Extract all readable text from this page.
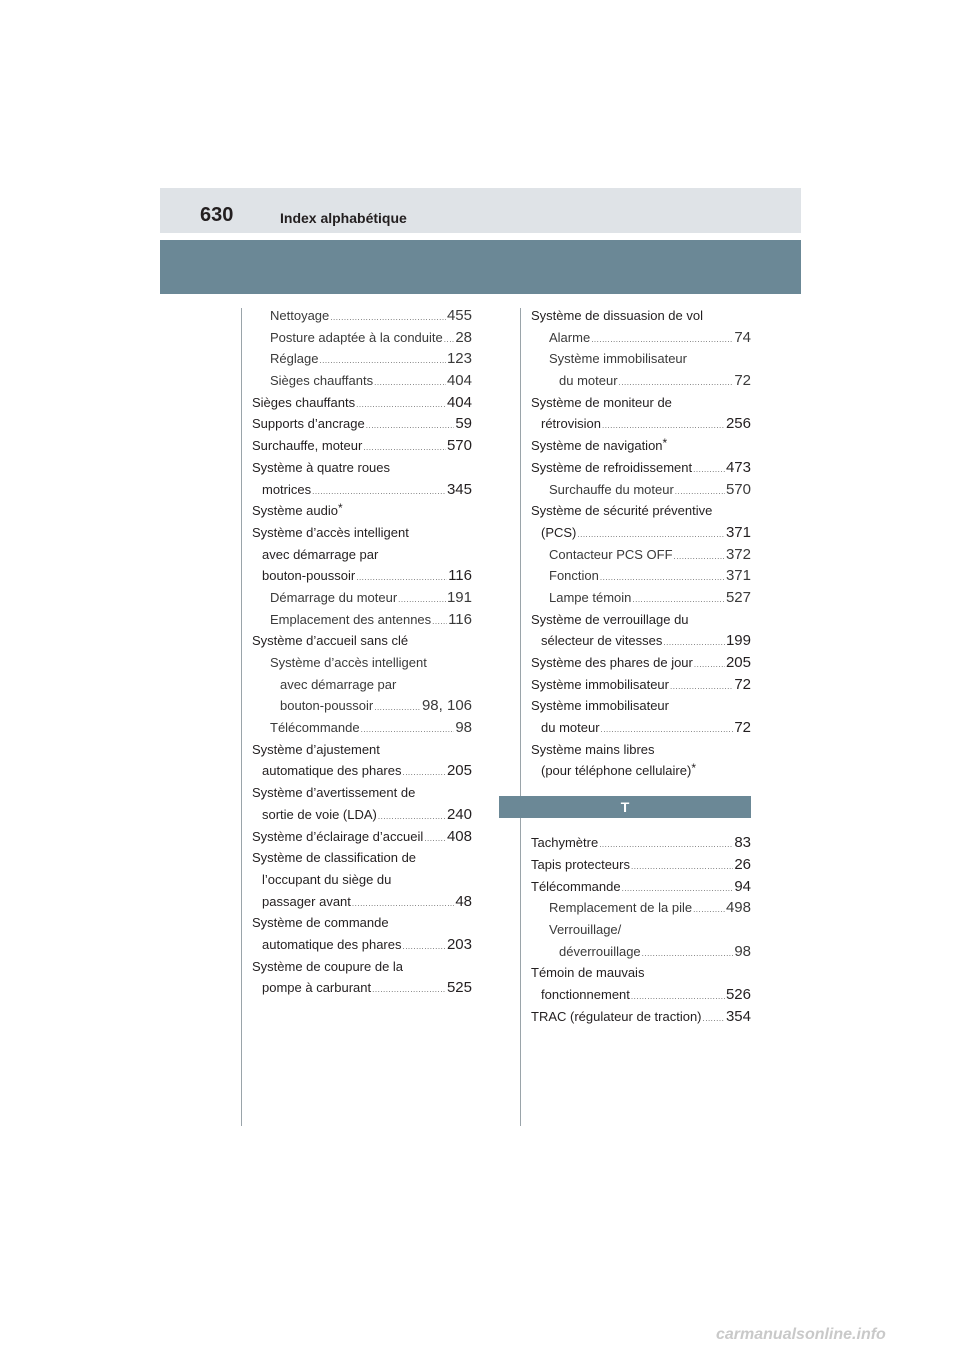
630	Index alphabétique
Nettoyage .....	455
Posture adaptée à la conduite ..... 28
Réglage .....	123
Sièges chauffants .....	404
Sièges chauffants .....	404
Supports d’ancrage .....	59
Surchauffe, moteur .....	570
Système à quatre roues
motrices .....	345
Système audio *
Système d’accès intelligent
avec démarrage par
bouton-poussoir .....	116
Démarrage du moteur .....	191
Emplacement des antennes ..... 116
Système d’accueil sans clé
Système d’accès intelligent
avec démarrage par
bouton-poussoir .....	98, 106
Télécommande .....	98
Système d’ajustement
automatique des phares .....	205
Système d’avertissement de
sortie de voie (LDA) .....	240
Système d’éclairage d’accueil ..... 408
Système de classification de
l’occupant du siège du
passager avant .....	48
Système de commande
automatique des phares .....	203
Système de coupure de la
pompe à carburant .....	525
Système de dissuasion de vol
Alarme .....	74
Système immobilisateur
du moteur .....	72
Système de moniteur de
rétrovision .....	256
Système de navigation *
Système de refroidissement ..... 473
Surchauffe du moteur .....	570
Système de sécurité préventive
(PCS) .....	371
Contacteur PCS OFF .....	372
Fonction .....	371
Lampe témoin .....	527
Système de verrouillage du
sélecteur de vitesses .....	199
Système des phares de jour ..... 205
Système immobilisateur .....	72
Système immobilisateur
du moteur .....	72
Système mains libres
(pour téléphone cellulaire) *
T
Tachymètre .....	83
Tapis protecteurs .....	26
Télécommande .....	94
Remplacement de la pile ..... 498
Verrouillage/
déverrouillage .....	98
Témoin de mauvais
fonctionnement .....	526
TRAC (régulateur de traction) ..... 354
carmanualsonline.info
